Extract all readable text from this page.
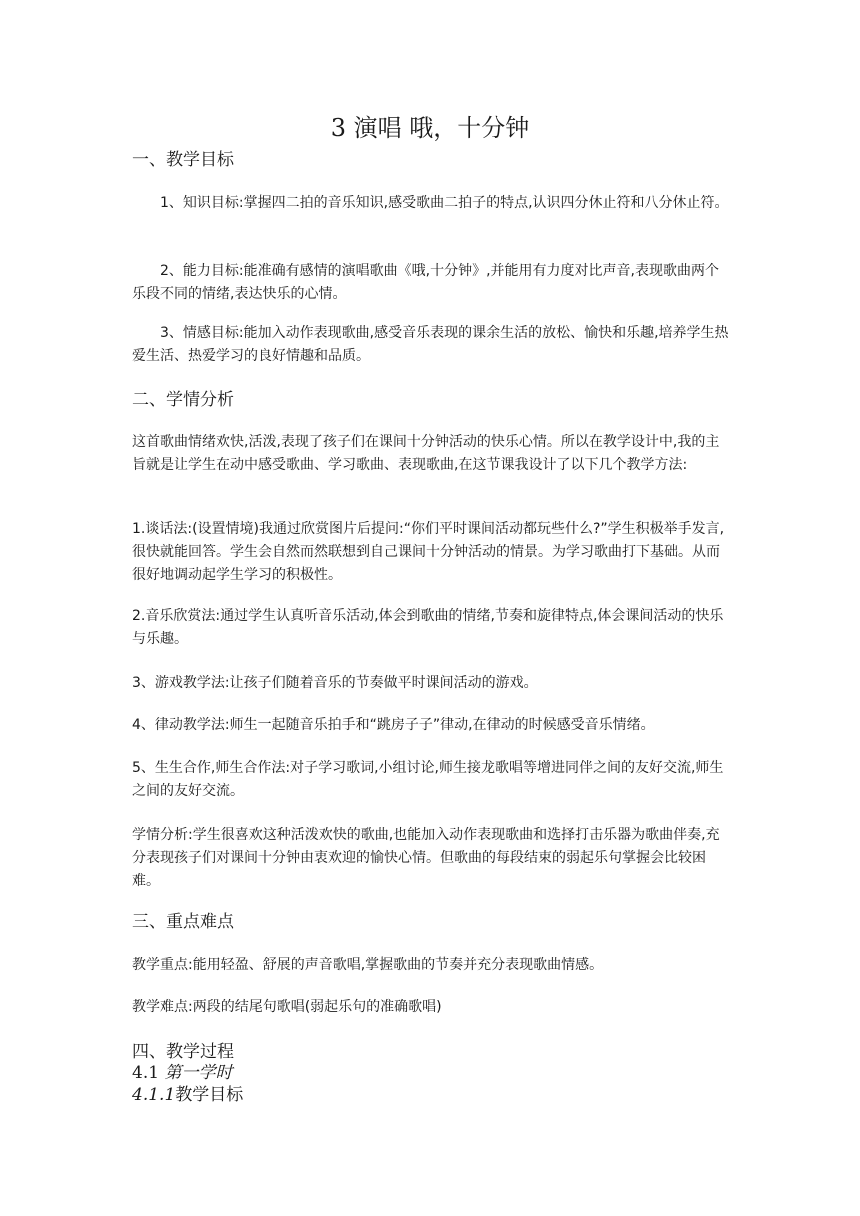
3 演唱 哦，十分钟
一、教学目标
1、知识目标:掌握四二拍的音乐知识,感受歌曲二拍子的特点,认识四分休止符和八分休止符。
2、能力目标:能准确有感情的演唱歌曲《哦,十分钟》,并能用有力度对比声音,表现歌曲两个乐段不同的情绪,表达快乐的心情。
3、情感目标:能加入动作表现歌曲,感受音乐表现的课余生活的放松、愉快和乐趣,培养学生热爱生活、热爱学习的良好情趣和品质。
二、学情分析
这首歌曲情绪欢快,活泼,表现了孩子们在课间十分钟活动的快乐心情。所以在教学设计中,我的主旨就是让学生在动中感受歌曲、学习歌曲、表现歌曲,在这节课我设计了以下几个教学方法:
1.谈话法:(设置情境)我通过欣赏图片后提问:“你们平时课间活动都玩些什么?”学生积极举手发言,很快就能回答。学生会自然而然联想到自己课间十分钟活动的情景。为学习歌曲打下基础。从而很好地调动起学生学习的积极性。
2.音乐欣赏法:通过学生认真听音乐活动,体会到歌曲的情绪,节奏和旋律特点,体会课间活动的快乐与乐趣。
3、游戏教学法:让孩子们随着音乐的节奏做平时课间活动的游戏。
4、律动教学法:师生一起随音乐拍手和“跳房子子”律动,在律动的时候感受音乐情绪。
5、生生合作,师生合作法:对子学习歌词,小组讨论,师生接龙歌唱等增进同伴之间的友好交流,师生之间的友好交流。
学情分析:学生很喜欢这种活泼欢快的歌曲,也能加入动作表现歌曲和选择打击乐器为歌曲伴奏,充分表现孩子们对课间十分钟由衷欢迎的愉快心情。但歌曲的每段结束的弱起乐句掌握会比较困难。
三、重点难点
教学重点:能用轻盈、舒展的声音歌唱,掌握歌曲的节奏并充分表现歌曲情感。
教学难点:两段的结尾句歌唱(弱起乐句的准确歌唱)
四、教学过程
4.1 第一学时
4.1.1教学目标
